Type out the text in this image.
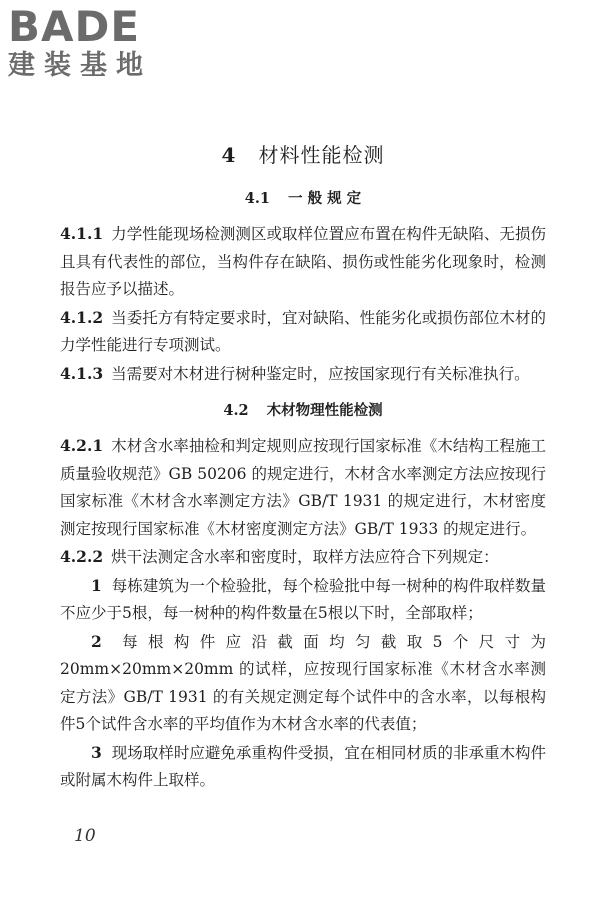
BADE
建装基地
4 材料性能检测
4.1 一 般 规 定

4.1.1 力学性能现场检测测区或取样位置应布置在构件无缺陷、无损伤且具有代表性的部位，当构件存在缺陷、损伤或性能劣化现象时，检测报告应予以描述。

4.1.2 当委托方有特定要求时，宜对缺陷、性能劣化或损伤部位木材的力学性能进行专项测试。

4.1.3 当需要对木材进行树种鉴定时，应按国家现行有关标准执行。

4.2 木材物理性能检测

4.2.1 木材含水率抽检和判定规则应按现行国家标准《木结构工程施工质量验收规范》GB 50206 的规定进行，木材含水率测定方法应按现行国家标准《木材含水率测定方法》GB/T 1931 的规定进行，木材密度测定按现行国家标准《木材密度测定方法》GB/T 1933 的规定进行。

4.2.2 烘干法测定含水率和密度时，取样方法应符合下列规定：

1 每栋建筑为一个检验批，每个检验批中每一树种的构件取样数量不应少于5根，每一树种的构件数量在5根以下时，全部取样；

2 每根构件应沿截面均匀截取5个尺寸为 20mm×20mm×20mm 的试样，应按现行国家标准《木材含水率测定方法》GB/T 1931 的有关规定测定每个试件中的含水率，以每根构件5个试件含水率的平均值作为木材含水率的代表值；

3 现场取样时应避免承重构件受损，宜在相同材质的非承重木构件或附属木构件上取样。

10
